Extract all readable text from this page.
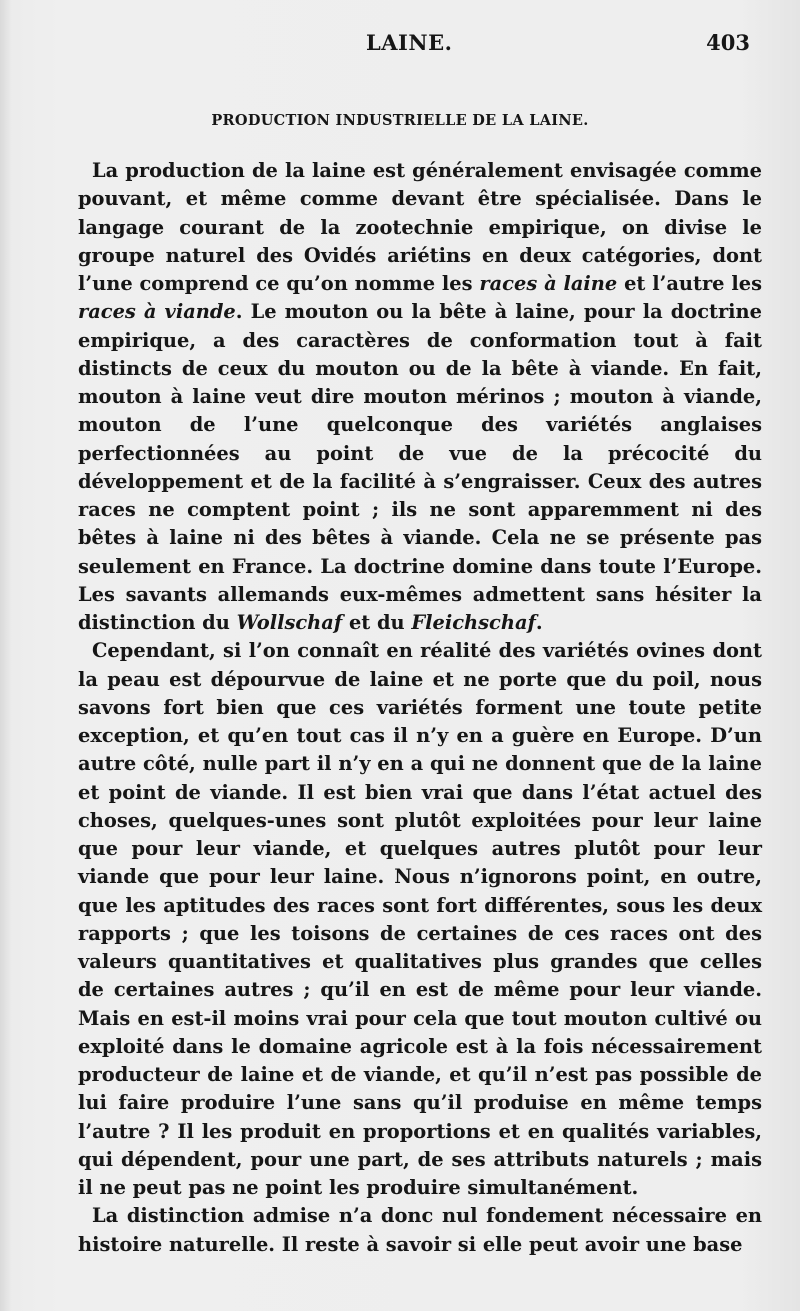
LAINE.	403
PRODUCTION INDUSTRIELLE DE LA LAINE.

La production de la laine est généralement envisagée comme pouvant, et même comme devant être spécialisée. Dans le langage courant de la zootechnie empirique, on divise le groupe naturel des Ovidés ariétins en deux catégories, dont l’une comprend ce qu’on nomme les races à laine et l’autre les races à viande. Le mouton ou la bête à laine, pour la doctrine empirique, a des caractères de conformation tout à fait distincts de ceux du mouton ou de la bête à viande. En fait, mouton à laine veut dire mouton mérinos ; mouton à viande, mouton de l’une quelconque des variétés anglaises perfectionnées au point de vue de la précocité du développement et de la facilité à s’engraisser. Ceux des autres races ne comptent point ; ils ne sont apparemment ni des bêtes à laine ni des bêtes à viande. Cela ne se présente pas seulement en France. La doctrine domine dans toute l’Europe. Les savants allemands eux-mêmes admettent sans hésiter la distinction du Wollschaf et du Fleichschaf.

Cependant, si l’on connaît en réalité des variétés ovines dont la peau est dépourvue de laine et ne porte que du poil, nous savons fort bien que ces variétés forment une toute petite exception, et qu’en tout cas il n’y en a guère en Europe. D’un autre côté, nulle part il n’y en a qui ne donnent que de la laine et point de viande. Il est bien vrai que dans l’état actuel des choses, quelques-unes sont plutôt exploitées pour leur laine que pour leur viande, et quelques autres plutôt pour leur viande que pour leur laine. Nous n’ignorons point, en outre, que les aptitudes des races sont fort différentes, sous les deux rapports ; que les toisons de certaines de ces races ont des valeurs quantitatives et qualitatives plus grandes que celles de certaines autres ; qu’il en est de même pour leur viande. Mais en est-il moins vrai pour cela que tout mouton cultivé ou exploité dans le domaine agricole est à la fois nécessairement producteur de laine et de viande, et qu’il n’est pas possible de lui faire produire l’une sans qu’il produise en même temps l’autre ? Il les produit en proportions et en qualités variables, qui dépendent, pour une part, de ses attributs naturels ; mais il ne peut pas ne point les produire simultanément.

La distinction admise n’a donc nul fondement nécessaire en histoire naturelle. Il reste à savoir si elle peut avoir une base
